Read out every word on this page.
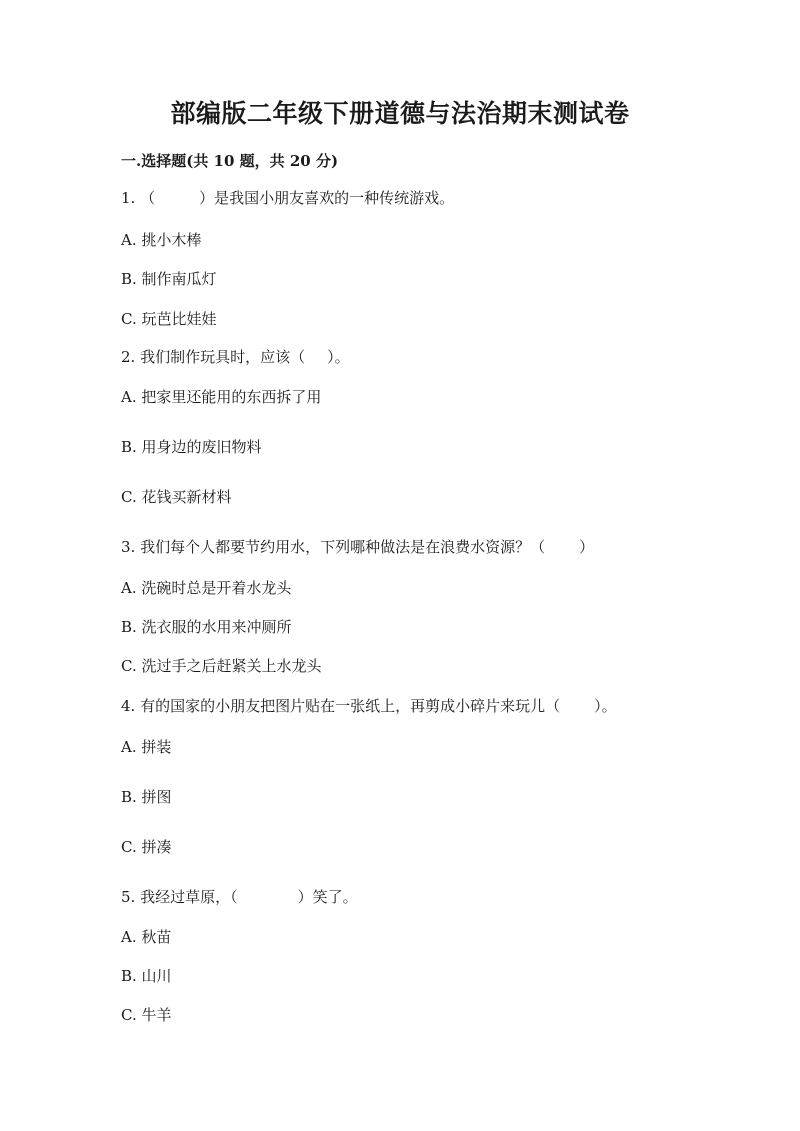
部编版二年级下册道德与法治期末测试卷
一.选择题(共 10 题，共 20 分)
1. （	）是我国小朋友喜欢的一种传统游戏。
A. 挑小木棒
B. 制作南瓜灯
C. 玩芭比娃娃
2. 我们制作玩具时，应该（ ）。
A. 把家里还能用的东西拆了用
B. 用身边的废旧物料
C. 花钱买新材料
3. 我们每个人都要节约用水，下列哪种做法是在浪费水资源？（ ）
A. 洗碗时总是开着水龙头
B. 洗衣服的水用来冲厕所
C. 洗过手之后赶紧关上水龙头
4. 有的国家的小朋友把图片贴在一张纸上，再剪成小碎片来玩儿（ ）。
A. 拼装
B. 拼图
C. 拼凑
5. 我经过草原，（	）笑了。
A. 秋苗
B. 山川
C. 牛羊
